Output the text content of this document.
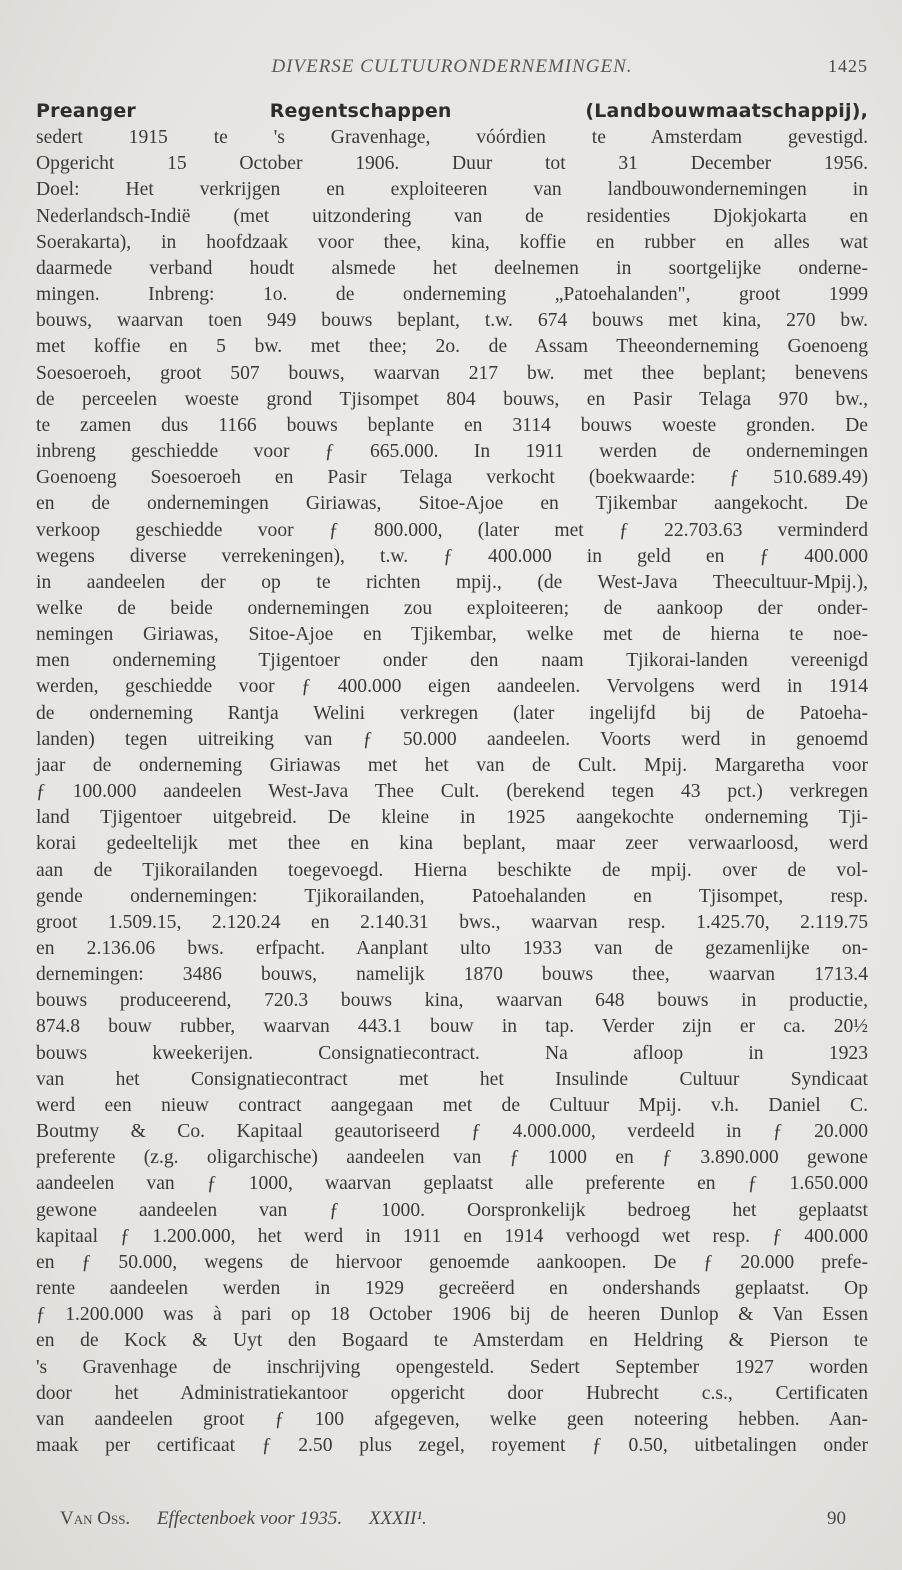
DIVERSE CULTUURONDERNEMINGEN.	1425
Preanger Regentschappen (Landbouwmaatschappij),
sedert 1915 te 's Gravenhage, vóórdien te Amsterdam gevestigd.
Opgericht 15 October 1906. Duur tot 31 December 1956.
Doel: Het verkrijgen en exploiteeren van landbouwondernemingen in
Nederlandsch-Indië (met uitzondering van de residenties Djokjokarta en
Soerakarta), in hoofdzaak voor thee, kina, koffie en rubber en alles wat
daarmede verband houdt alsmede het deelnemen in soortgelijke onderne-
mingen. Inbreng: 1o. de onderneming „Patoehalanden", groot 1999
bouws, waarvan toen 949 bouws beplant, t.w. 674 bouws met kina, 270 bw.
met koffie en 5 bw. met thee; 2o. de Assam Theeonderneming Goenoeng
Soesoeroeh, groot 507 bouws, waarvan 217 bw. met thee beplant; benevens
de perceelen woeste grond Tjisompet 804 bouws, en Pasir Telaga 970 bw.,
te zamen dus 1166 bouws beplante en 3114 bouws woeste gronden. De
inbreng geschiedde voor ƒ 665.000. In 1911 werden de ondernemingen
Goenoeng Soesoeroeh en Pasir Telaga verkocht (boekwaarde: ƒ 510.689.49)
en de ondernemingen Giriawas, Sitoe-Ajoe en Tjikembar aangekocht. De
verkoop geschiedde voor ƒ 800.000, (later met ƒ 22.703.63 verminderd
wegens diverse verrekeningen), t.w. ƒ 400.000 in geld en ƒ 400.000
in aandeelen der op te richten mpij., (de West-Java Theecultuur-Mpij.),
welke de beide ondernemingen zou exploiteeren; de aankoop der onder-
nemingen Giriawas, Sitoe-Ajoe en Tjikembar, welke met de hierna te noe-
men onderneming Tjigentoer onder den naam Tjikorai-landen vereenigd
werden, geschiedde voor ƒ 400.000 eigen aandeelen. Vervolgens werd in 1914
de onderneming Rantja Welini verkregen (later ingelijfd bij de Patoeha-
landen) tegen uitreiking van ƒ 50.000 aandeelen. Voorts werd in genoemd
jaar de onderneming Giriawas met het van de Cult. Mpij. Margaretha voor
ƒ 100.000 aandeelen West-Java Thee Cult. (berekend tegen 43 pct.) verkregen
land Tjigentoer uitgebreid. De kleine in 1925 aangekochte onderneming Tji-
korai gedeeltelijk met thee en kina beplant, maar zeer verwaarloosd, werd
aan de Tjikorailanden toegevoegd. Hierna beschikte de mpij. over de vol-
gende ondernemingen: Tjikorailanden, Patoehalanden en Tjisompet, resp.
groot 1.509.15, 2.120.24 en 2.140.31 bws., waarvan resp. 1.425.70, 2.119.75
en 2.136.06 bws. erfpacht. Aanplant ulto 1933 van de gezamenlijke on-
dernemingen: 3486 bouws, namelijk 1870 bouws thee, waarvan 1713.4
bouws produceerend, 720.3 bouws kina, waarvan 648 bouws in productie,
874.8 bouw rubber, waarvan 443.1 bouw in tap. Verder zijn er ca. 20½
bouws kweekerijen. Consignatiecontract. Na afloop in 1923
van het Consignatiecontract met het Insulinde Cultuur Syndicaat
werd een nieuw contract aangegaan met de Cultuur Mpij. v.h. Daniel C.
Boutmy & Co. Kapitaal geautoriseerd ƒ 4.000.000, verdeeld in ƒ 20.000
preferente (z.g. oligarchische) aandeelen van ƒ 1000 en ƒ 3.890.000 gewone
aandeelen van ƒ 1000, waarvan geplaatst alle preferente en ƒ 1.650.000
gewone aandeelen van ƒ 1000. Oorspronkelijk bedroeg het geplaatst
kapitaal ƒ 1.200.000, het werd in 1911 en 1914 verhoogd wet resp. ƒ 400.000
en ƒ 50.000, wegens de hiervoor genoemde aankoopen. De ƒ 20.000 prefe-
rente aandeelen werden in 1929 gecreëerd en ondershands geplaatst. Op
ƒ 1.200.000 was à pari op 18 October 1906 bij de heeren Dunlop & Van Essen
en de Kock & Uyt den Bogaard te Amsterdam en Heldring & Pierson te
's Gravenhage de inschrijving opengesteld. Sedert September 1927 worden
door het Administratiekantoor opgericht door Hubrecht c.s., Certificaten
van aandeelen groot ƒ 100 afgegeven, welke geen noteering hebben. Aan-
maak per certificaat ƒ 2.50 plus zegel, royement ƒ 0.50, uitbetalingen onder
Van Oss. Effectenboek voor 1935. XXXII¹.	90
